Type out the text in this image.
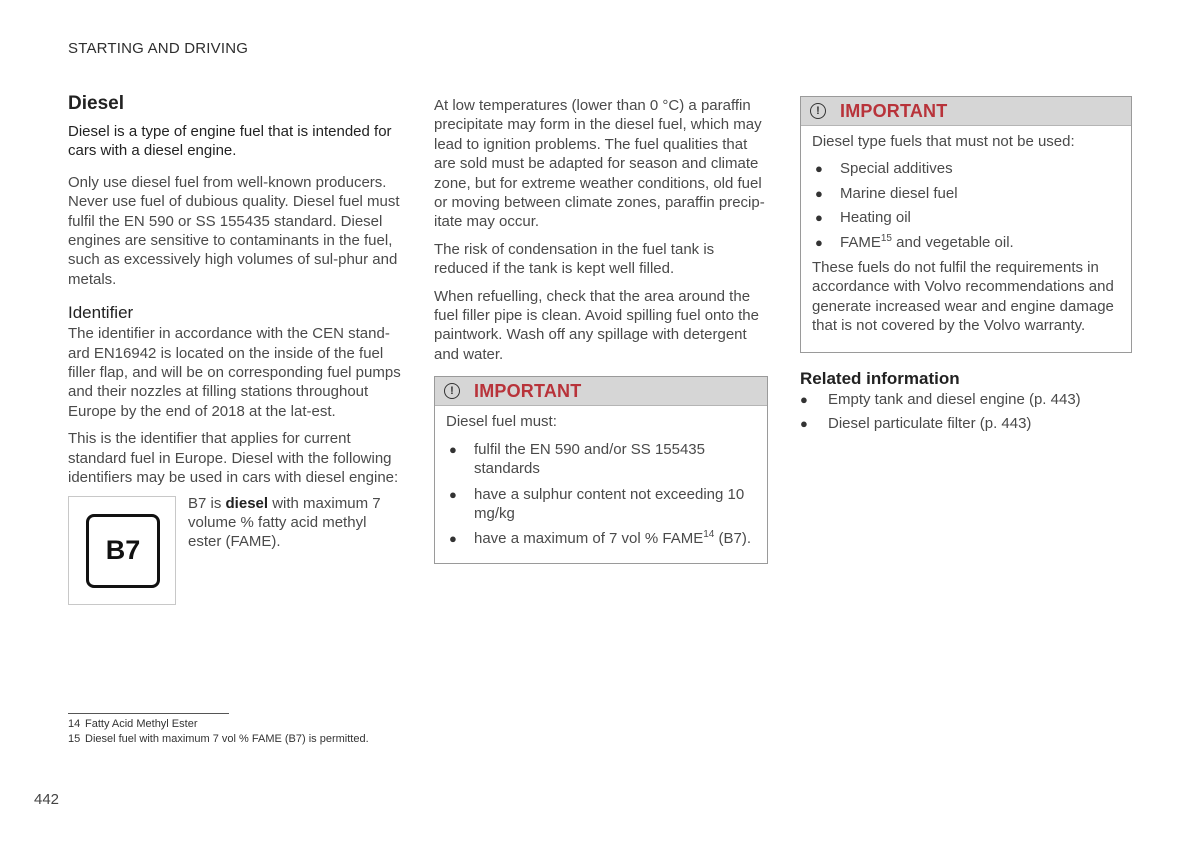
STARTING AND DRIVING
Diesel

Diesel is a type of engine fuel that is intended for cars with a diesel engine.

Only use diesel fuel from well-known producers. Never use fuel of dubious quality. Diesel fuel must fulfil the EN 590 or SS 155435 standard. Diesel engines are sensitive to contaminants in the fuel, such as excessively high volumes of sul-phur and metals.

Identifier

The identifier in accordance with the CEN stand-ard EN16942 is located on the inside of the fuel filler flap, and will be on corresponding fuel pumps and their nozzles at filling stations throughout Europe by the end of 2018 at the lat-est.

This is the identifier that applies for current standard fuel in Europe. Diesel with the following identifiers may be used in cars with diesel engine:

B7
B7 is diesel with maximum 7 volume % fatty acid methyl ester (FAME).

At low temperatures (lower than 0 °C) a paraffin precipitate may form in the diesel fuel, which may lead to ignition problems. The fuel qualities that are sold must be adapted for season and climate zone, but for extreme weather conditions, old fuel or moving between climate zones, paraffin precip-itate may occur.

The risk of condensation in the fuel tank is reduced if the tank is kept well filled.

When refuelling, check that the area around the fuel filler pipe is clean. Avoid spilling fuel onto the paintwork. Wash off any spillage with detergent and water.

!	IMPORTANT

Diesel fuel must:

● fulfil the EN 590 and/or SS 155435 standards
● have a sulphur content not exceeding 10 mg/kg
● have a maximum of 7 vol % FAME$^{14}$ (B7).
!	IMPORTANT

Diesel type fuels that must not be used:

● Special additives
● Marine diesel fuel
● Heating oil
● FAME$^{15}$ and vegetable oil.

These fuels do not fulfil the requirements in accordance with Volvo recommendations and generate increased wear and engine damage that is not covered by the Volvo warranty.

Related information
● Empty tank and diesel engine (p. 443)
● Diesel particulate filter (p. 443)
14 Fatty Acid Methyl Ester
15 Diesel fuel with maximum 7 vol % FAME (B7) is permitted.
442
